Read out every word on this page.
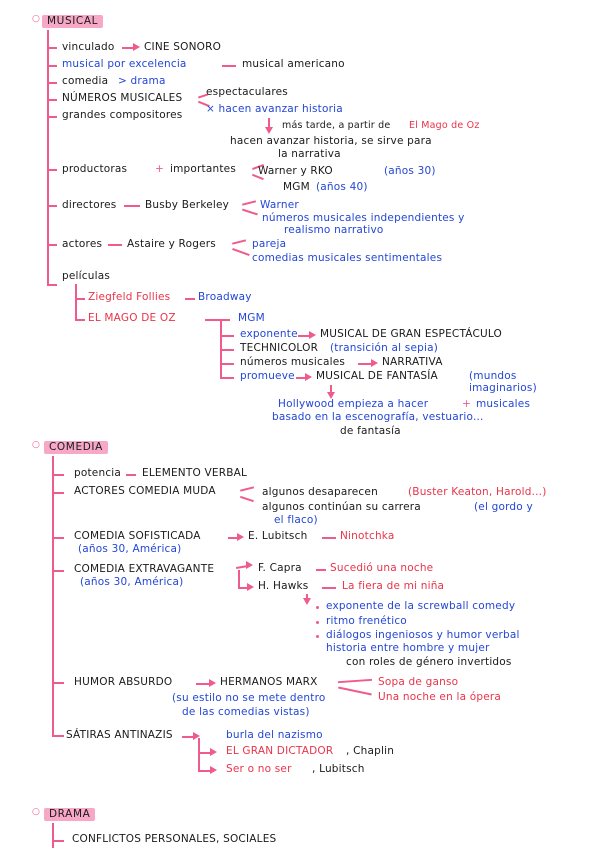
○ MUSICAL
vinculado	CINE SONORO
musical por excelencia	musical americano
comedia > drama
NÚMEROS MUSICALES espectaculares
× hacen avanzar historia
grandes compositores
más tarde, a partir de El Mago de Oz
hacen avanzar historia, se sirve para
la narrativa
productoras	+ importantes Warner y RKO	(años 30)
MGM (años 40)
directores	Busby Berkeley	Warner
números musicales independientes y
realismo narrativo
actores Astaire y Rogers	pareja
comedias musicales sentimentales
películas
Ziegfeld Follies	Broadway
EL MAGO DE OZ	MGM
exponente MUSICAL DE GRAN ESPECTÁCULO
TECHNICOLOR (transición al sepia)
números musicales	NARRATIVA
promueve MUSICAL DE FANTASÍA	(mundos
imaginarios)
Hollywood empieza a hacer	+ musicales
basado en la escenografía, vestuario...
de fantasía
○ COMEDIA
potencia ELEMENTO VERBAL
ACTORES COMEDIA MUDA	algunos desaparecen	(Buster Keaton, Harold...)
algunos continúan su carrera	(el gordo y
el flaco)
COMEDIA SOFISTICADA	E. Lubitsch	Ninotchka
(años 30, América)
COMEDIA EXTRAVAGANTE	F. Capra	Sucedió una noche
(años 30, América)	H. Hawks	La fiera de mi niña
exponente de la screwball comedy
ritmo frenético
diálogos ingeniosos y humor verbal
historia entre hombre y mujer
con roles de género invertidos
HUMOR ABSURDO	HERMANOS MARX	Sopa de ganso
Una noche en la ópera
(su estilo no se mete dentro
de las comedias vistas)
SÁTIRAS ANTINAZIS	burla del nazismo
EL GRAN DICTADOR , Chaplin
Ser o no ser , Lubitsch
○ DRAMA
CONFLICTOS PERSONALES, SOCIALES
